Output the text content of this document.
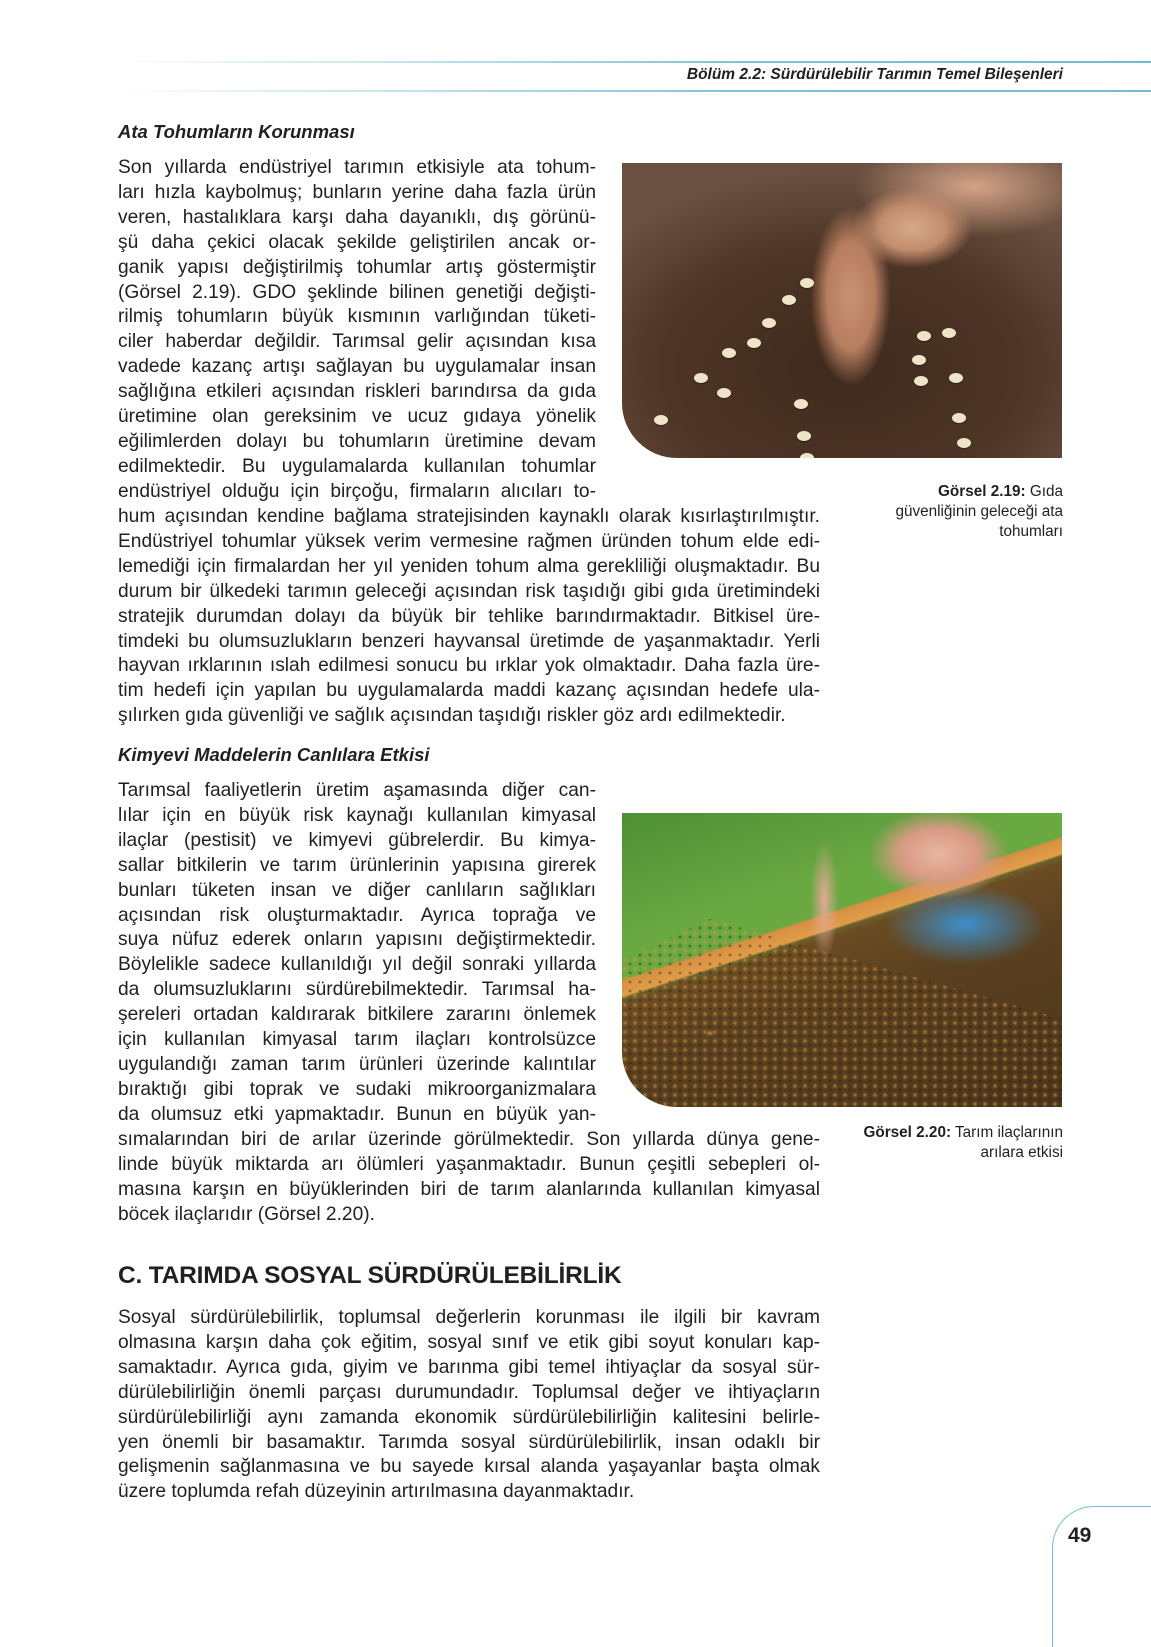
Bölüm 2.2: Sürdürülebilir Tarımın Temel Bileşenleri
Ata Tohumların Korunması
Son yıllarda endüstriyel tarımın etkisiyle ata tohum-
ları hızla kaybolmuş; bunların yerine daha fazla ürün
veren, hastalıklara karşı daha dayanıklı, dış görünü-
şü daha çekici olacak şekilde geliştirilen ancak or-
ganik yapısı değiştirilmiş tohumlar artış göstermiştir
(Görsel 2.19). GDO şeklinde bilinen genetiği değişti-
rilmiş tohumların büyük kısmının varlığından tüketi-
ciler haberdar değildir. Tarımsal gelir açısından kısa
vadede kazanç artışı sağlayan bu uygulamalar insan
sağlığına etkileri açısından riskleri barındırsa da gıda
üretimine olan gereksinim ve ucuz gıdaya yönelik
eğilimlerden dolayı bu tohumların üretimine devam
edilmektedir. Bu uygulamalarda kullanılan tohumlar
endüstriyel olduğu için birçoğu, firmaların alıcıları to-
hum açısından kendine bağlama stratejisinden kaynaklı olarak kısırlaştırılmıştır.
Endüstriyel tohumlar yüksek verim vermesine rağmen üründen tohum elde edi-
lemediği için firmalardan her yıl yeniden tohum alma gerekliliği oluşmaktadır. Bu
durum bir ülkedeki tarımın geleceği açısından risk taşıdığı gibi gıda üretimindeki
stratejik durumdan dolayı da büyük bir tehlike barındırmaktadır. Bitkisel üre-
timdeki bu olumsuzlukların benzeri hayvansal üretimde de yaşanmaktadır. Yerli
hayvan ırklarının ıslah edilmesi sonucu bu ırklar yok olmaktadır. Daha fazla üre-
tim hedefi için yapılan bu uygulamalarda maddi kazanç açısından hedefe ula-
şılırken gıda güvenliği ve sağlık açısından taşıdığı riskler göz ardı edilmektedir.
Görsel 2.19: Gıda
güvenliğinin geleceği ata
tohumları
Kimyevi Maddelerin Canlılara Etkisi
Tarımsal faaliyetlerin üretim aşamasında diğer can-
lılar için en büyük risk kaynağı kullanılan kimyasal
ilaçlar (pestisit) ve kimyevi gübrelerdir. Bu kimya-
sallar bitkilerin ve tarım ürünlerinin yapısına girerek
bunları tüketen insan ve diğer canlıların sağlıkları
açısından risk oluşturmaktadır. Ayrıca toprağa ve
suya nüfuz ederek onların yapısını değiştirmektedir.
Böylelikle sadece kullanıldığı yıl değil sonraki yıllarda
da olumsuzluklarını sürdürebilmektedir. Tarımsal ha-
şereleri ortadan kaldırarak bitkilere zararını önlemek
için kullanılan kimyasal tarım ilaçları kontrolsüzce
uygulandığı zaman tarım ürünleri üzerinde kalıntılar
bıraktığı gibi toprak ve sudaki mikroorganizmalara
da olumsuz etki yapmaktadır. Bunun en büyük yan-
sımalarından biri de arılar üzerinde görülmektedir. Son yıllarda dünya gene-
linde büyük miktarda arı ölümleri yaşanmaktadır. Bunun çeşitli sebepleri ol-
masına karşın en büyüklerinden biri de tarım alanlarında kullanılan kimyasal
böcek ilaçlarıdır (Görsel 2.20).
Görsel 2.20: Tarım ilaçlarının
arılara etkisi
C. TARIMDA SOSYAL SÜRDÜRÜLEBİLİRLİK
Sosyal sürdürülebilirlik, toplumsal değerlerin korunması ile ilgili bir kavram
olmasına karşın daha çok eğitim, sosyal sınıf ve etik gibi soyut konuları kap-
samaktadır. Ayrıca gıda, giyim ve barınma gibi temel ihtiyaçlar da sosyal sür-
dürülebilirliğin önemli parçası durumundadır. Toplumsal değer ve ihtiyaçların
sürdürülebilirliği aynı zamanda ekonomik sürdürülebilirliğin kalitesini belirle-
yen önemli bir basamaktır. Tarımda sosyal sürdürülebilirlik, insan odaklı bir
gelişmenin sağlanmasına ve bu sayede kırsal alanda yaşayanlar başta olmak
üzere toplumda refah düzeyinin artırılmasına dayanmaktadır.
49
